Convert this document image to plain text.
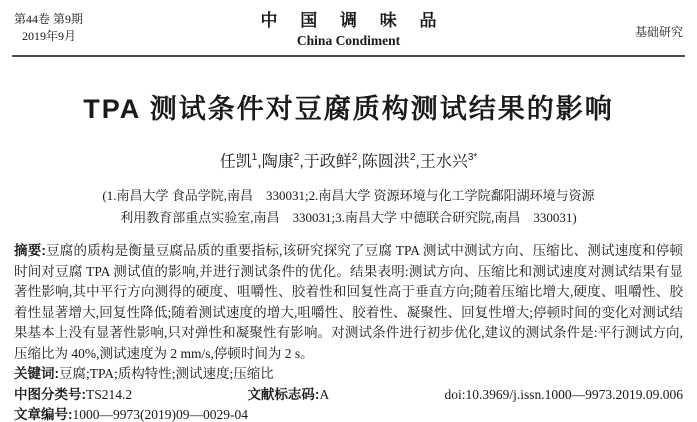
第44卷 第9期
2019年9月
中 国 调 味 品
China Condiment
基础研究
TPA 测试条件对豆腐质构测试结果的影响
任凯$^1$,陶康$^2$,于政鲜$^2$,陈圆洪$^2$,王水兴$^{3*}$
(1.南昌大学 食品学院,南昌　330031;2.南昌大学 资源环境与化工学院鄱阳湖环境与资源
利用教育部重点实验室,南昌　330031;3.南昌大学 中德联合研究院,南昌　330031)

摘要:豆腐的质构是衡量豆腐品质的重要指标,该研究探究了豆腐 TPA 测试中测试方向、压缩比、测试速度和停顿时间对豆腐 TPA 测试值的影响,并进行测试条件的优化。结果表明:测试方向、压缩比和测试速度对测试结果有显著性影响,其中平行方向测得的硬度、咀嚼性、胶着性和回复性高于垂直方向;随着压缩比增大,硬度、咀嚼性、胶着性显著增大,回复性降低;随着测试速度的增大,咀嚼性、胶着性、凝聚性、回复性增大;停顿时间的变化对测试结果基本上没有显著性影响,只对弹性和凝聚性有影响。对测试条件进行初步优化,建议的测试条件是:平行测试方向,压缩比为 40%,测试速度为 2 mm/s,停顿时间为 2 s。

关键词:豆腐;TPA;质构特性;测试速度;压缩比

中图分类号:TS214.2	文献标志码:A	doi:10.3969/j.issn.1000—9973.2019.09.006

文章编号:1000—9973(2019)09—0029-04
